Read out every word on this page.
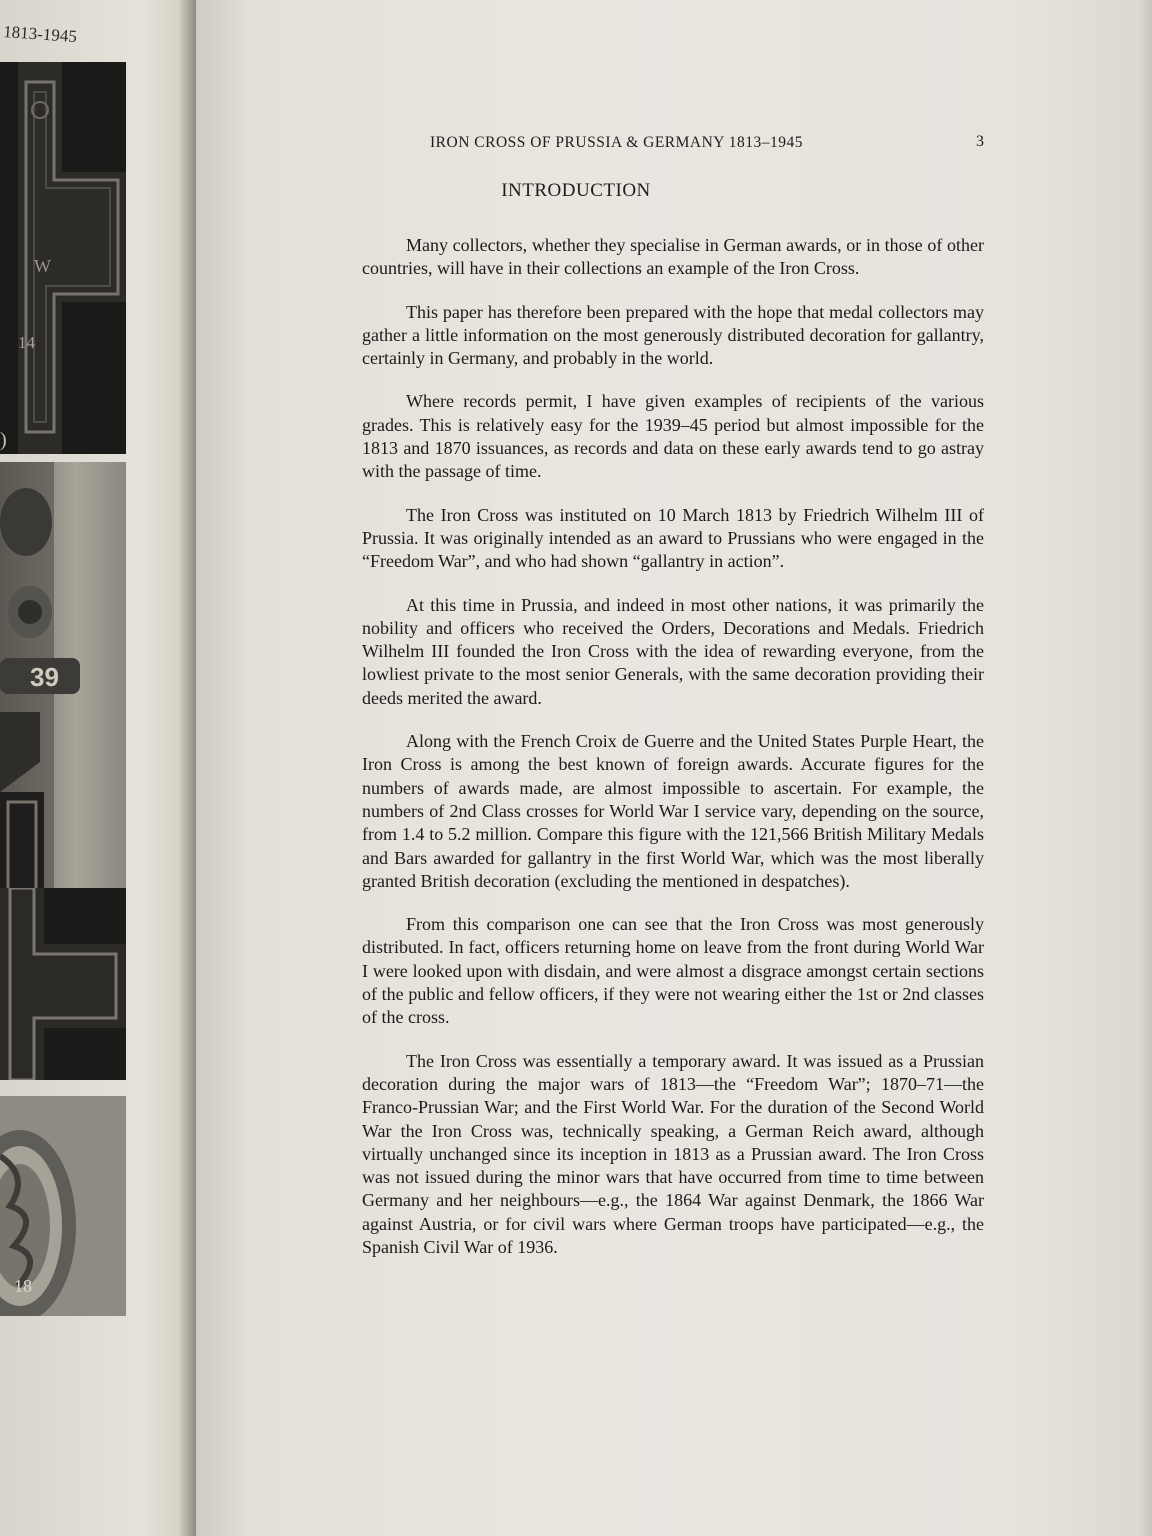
1813-1945
W
14
)
39
18
IRON CROSS OF PRUSSIA & GERMANY 1813–1945	3
INTRODUCTION

Many collectors, whether they specialise in German awards, or in those of other countries, will have in their collections an example of the Iron Cross.

This paper has therefore been prepared with the hope that medal collectors may gather a little information on the most generously distributed decoration for gallantry, certainly in Germany, and probably in the world.

Where records permit, I have given examples of recipients of the various grades. This is relatively easy for the 1939–45 period but almost impossible for the 1813 and 1870 issuances, as records and data on these early awards tend to go astray with the passage of time.

The Iron Cross was instituted on 10 March 1813 by Friedrich Wilhelm III of Prussia. It was originally intended as an award to Prussians who were engaged in the “Freedom War”, and who had shown “gallantry in action”.

At this time in Prussia, and indeed in most other nations, it was primarily the nobility and officers who received the Orders, Decorations and Medals. Friedrich Wilhelm III founded the Iron Cross with the idea of rewarding everyone, from the lowliest private to the most senior Generals, with the same decoration providing their deeds merited the award.

Along with the French Croix de Guerre and the United States Purple Heart, the Iron Cross is among the best known of foreign awards. Accurate figures for the numbers of awards made, are almost impossible to ascertain. For example, the numbers of 2nd Class crosses for World War I service vary, depending on the source, from 1.4 to 5.2 million. Compare this figure with the 121,566 British Military Medals and Bars awarded for gallantry in the first World War, which was the most liberally granted British decoration (excluding the mentioned in despatches).

From this comparison one can see that the Iron Cross was most generously distributed. In fact, officers returning home on leave from the front during World War I were looked upon with disdain, and were almost a disgrace amongst certain sections of the public and fellow officers, if they were not wearing either the 1st or 2nd classes of the cross.

The Iron Cross was essentially a temporary award. It was issued as a Prussian decoration during the major wars of 1813—the “Freedom War”; 1870–71—the Franco-Prussian War; and the First World War. For the duration of the Second World War the Iron Cross was, technically speaking, a German Reich award, although virtually unchanged since its inception in 1813 as a Prussian award. The Iron Cross was not issued during the minor wars that have occurred from time to time between Germany and her neighbours—e.g., the 1864 War against Denmark, the 1866 War against Austria, or for civil wars where German troops have participated—e.g., the Spanish Civil War of 1936.
